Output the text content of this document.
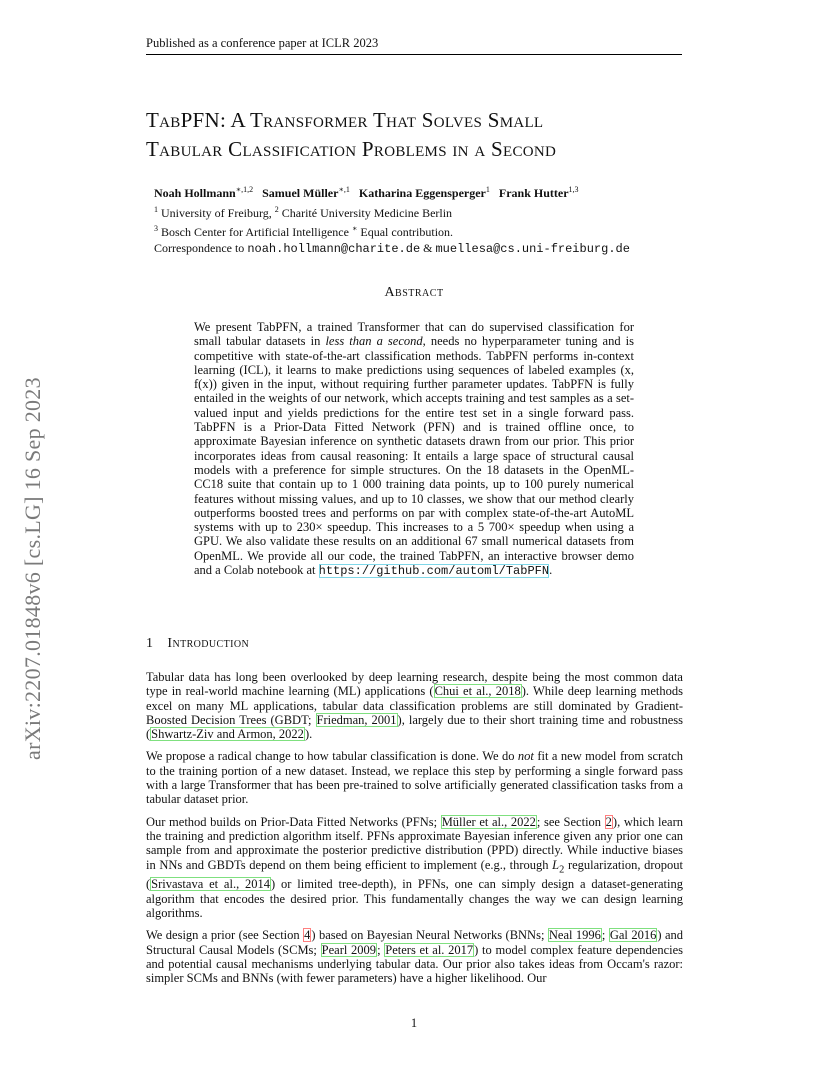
Published as a conference paper at ICLR 2023
TabPFN: A Transformer That Solves Small
Tabular Classification Problems in a Second
Noah Hollmann$^{∗,1,2}$ Samuel Müller$^{∗,1}$ Katharina Eggensperger$^1$ Frank Hutter$^{1,3}$
$^1$ University of Freiburg, $^2$ Charité University Medicine Berlin
$^3$ Bosch Center for Artificial Intelligence ∗ Equal contribution.
Correspondence to noah.hollmann@charite.de & muellesa@cs.uni-freiburg.de
arXiv:2207.01848v6 [cs.LG] 16 Sep 2023
Abstract
We present TabPFN, a trained Transformer that can do supervised classification for small tabular datasets in less than a second, needs no hyperparameter tuning and is competitive with state-of-the-art classification methods. TabPFN performs in-context learning (ICL), it learns to make predictions using sequences of labeled examples (x, f(x)) given in the input, without requiring further parameter updates. TabPFN is fully entailed in the weights of our network, which accepts training and test samples as a set-valued input and yields predictions for the entire test set in a single forward pass. TabPFN is a Prior-Data Fitted Network (PFN) and is trained offline once, to approximate Bayesian inference on synthetic datasets drawn from our prior. This prior incorporates ideas from causal reasoning: It entails a large space of structural causal models with a preference for simple structures. On the 18 datasets in the OpenML-CC18 suite that contain up to 1 000 training data points, up to 100 purely numerical features without missing values, and up to 10 classes, we show that our method clearly outperforms boosted trees and performs on par with complex state-of-the-art AutoML systems with up to 230× speedup. This increases to a 5 700× speedup when using a GPU. We also validate these results on an additional 67 small numerical datasets from OpenML. We provide all our code, the trained TabPFN, an interactive browser demo and a Colab notebook at https://github.com/automl/TabPFN.
1 Introduction

Tabular data has long been overlooked by deep learning research, despite being the most common data type in real-world machine learning (ML) applications (Chui et al., 2018). While deep learning methods excel on many ML applications, tabular data classification problems are still dominated by Gradient-Boosted Decision Trees (GBDT; Friedman, 2001), largely due to their short training time and robustness (Shwartz-Ziv and Armon, 2022).

We propose a radical change to how tabular classification is done. We do not fit a new model from scratch to the training portion of a new dataset. Instead, we replace this step by performing a single forward pass with a large Transformer that has been pre-trained to solve artificially generated classification tasks from a tabular dataset prior.

Our method builds on Prior-Data Fitted Networks (PFNs; Müller et al., 2022; see Section 2), which learn the training and prediction algorithm itself. PFNs approximate Bayesian inference given any prior one can sample from and approximate the posterior predictive distribution (PPD) directly. While inductive biases in NNs and GBDTs depend on them being efficient to implement (e.g., through $L_2$ regularization, dropout (Srivastava et al., 2014) or limited tree-depth), in PFNs, one can simply design a dataset-generating algorithm that encodes the desired prior. This fundamentally changes the way we can design learning algorithms.

We design a prior (see Section 4) based on Bayesian Neural Networks (BNNs; Neal 1996; Gal 2016) and Structural Causal Models (SCMs; Pearl 2009; Peters et al. 2017) to model complex feature dependencies and potential causal mechanisms underlying tabular data. Our prior also takes ideas from Occam's razor: simpler SCMs and BNNs (with fewer parameters) have a higher likelihood. Our

1
